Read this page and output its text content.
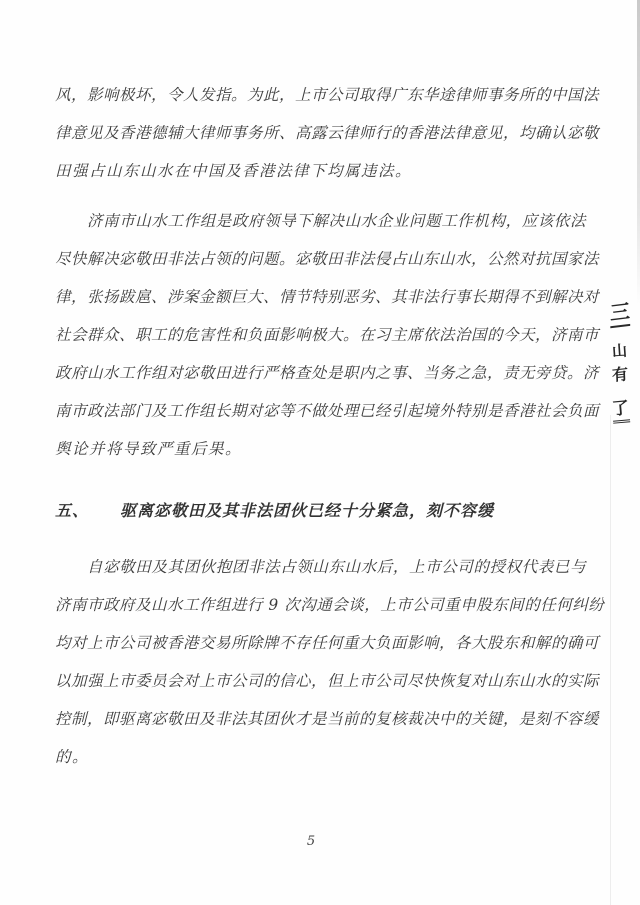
风，影响极坏，令人发指。为此，上市公司取得广东华途律师事务所的中国法
律意见及香港德辅大律师事务所、高露云律师行的香港法律意见，均确认宓敬
田强占山东山水在中国及香港法律下均属违法。
济南市山水工作组是政府领导下解决山水企业问题工作机构，应该依法
尽快解决宓敬田非法占领的问题。宓敬田非法侵占山东山水，公然对抗国家法
律，张扬跋扈、涉案金额巨大、情节特别恶劣、其非法行事长期得不到解决对
社会群众、职工的危害性和负面影响极大。在习主席依法治国的今天，济南市
政府山水工作组对宓敬田进行严格查处是职内之事、当务之急，责无旁贷。济
南市政法部门及工作组长期对宓等不做处理已经引起境外特别是香港社会负面
舆论并将导致严重后果。
五、 驱离宓敬田及其非法团伙已经十分紧急，刻不容缓
自宓敬田及其团伙抱团非法占领山东山水后，上市公司的授权代表已与
济南市政府及山水工作组进行 9 次沟通会谈，上市公司重申股东间的任何纠纷
均对上市公司被香港交易所除牌不存任何重大负面影响，各大股东和解的确可
以加强上市委员会对上市公司的信心，但上市公司尽快恢复对山东山水的实际
控制，即驱离宓敬田及非法其团伙才是当前的复核裁决中的关键，是刻不容缓
的。
三
山
有
了
5
